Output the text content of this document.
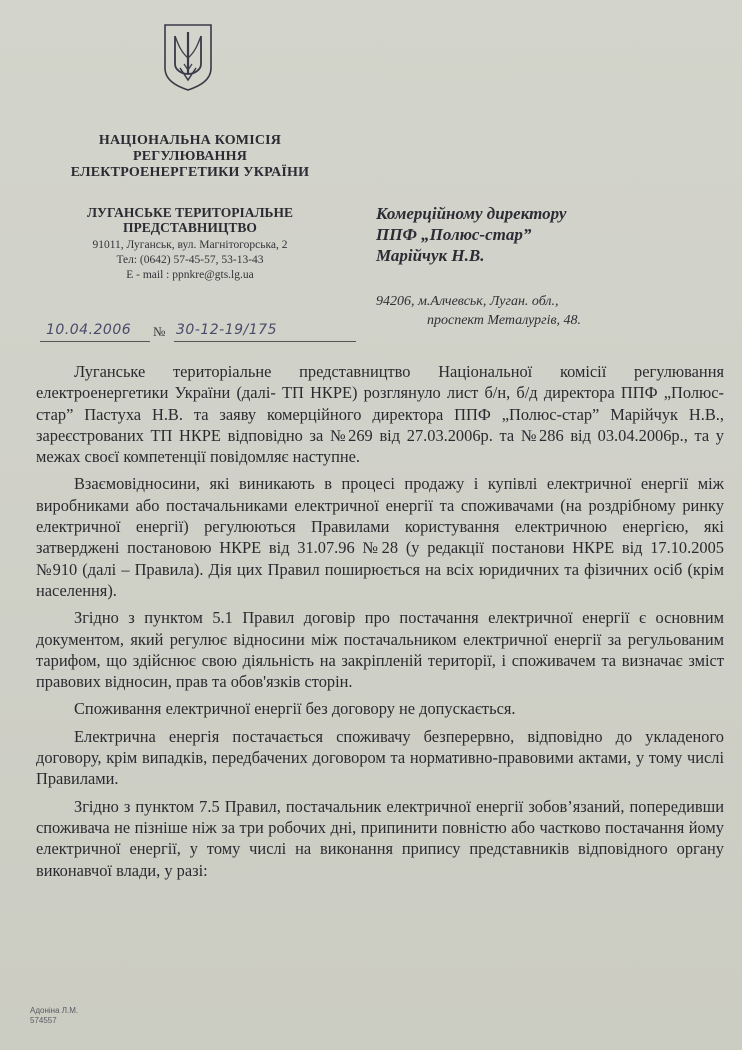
НАЦІОНАЛЬНА КОМІСІЯ
РЕГУЛЮВАННЯ
ЕЛЕКТРОЕНЕРГЕТИКИ УКРАЇНИ
ЛУГАНСЬКЕ ТЕРИТОРІАЛЬНЕ
ПРЕДСТАВНИЦТВО
91011, Луганськ, вул. Магнітогорська, 2
Тел: (0642) 57-45-57, 53-13-43
E - mail : ppnkre@gts.lg.ua
Комерційному директору
ППФ „Полюс-стар”
Марійчук Н.В.
94206, м.Алчевськ, Луган. обл.,
проспект Металургів, 48.
10.04.2006 № 30-12-19/175

Луганське територіальне представництво Національної комісії регулювання електроенергетики України (далі- ТП НКРЕ) розглянуло лист б/н, б/д директора ППФ „Полюс-стар” Пастуха Н.В. та заяву комерційного директора ППФ „Полюс-стар” Марійчук Н.В., зареєстрованих ТП НКРЕ відповідно за №269 від 27.03.2006р. та №286 від 03.04.2006р., та у межах своєї компетенції повідомляє наступне.

Взаємовідносини, які виникають в процесі продажу і купівлі електричної енергії між виробниками або постачальниками електричної енергії та споживачами (на роздрібному ринку електричної енергії) регулюються Правилами користування електричною енергією, які затверджені постановою НКРЕ від 31.07.96 №28 (у редакції постанови НКРЕ від 17.10.2005 №910 (далі – Правила). Дія цих Правил поширюється на всіх юридичних та фізичних осіб (крім населення).

Згідно з пунктом 5.1 Правил договір про постачання електричної енергії є основним документом, який регулює відносини між постачальником електричної енергії за регульованим тарифом, що здійснює свою діяльність на закріпленій території, і споживачем та визначає зміст правових відносин, прав та обов'язків сторін.

Споживання електричної енергії без договору не допускається.

Електрична енергія постачається споживачу безперервно, відповідно до укладеного договору, крім випадків, передбачених договором та нормативно-правовими актами, у тому числі Правилами.

Згідно з пунктом 7.5 Правил, постачальник електричної енергії зобов’язаний, попередивши споживача не пізніше ніж за три робочих дні, припинити повністю або частково постачання йому електричної енергії, у тому числі на виконання припису представників відповідного органу виконавчої влади, у разі:

Адоніна Л.М.
574557
